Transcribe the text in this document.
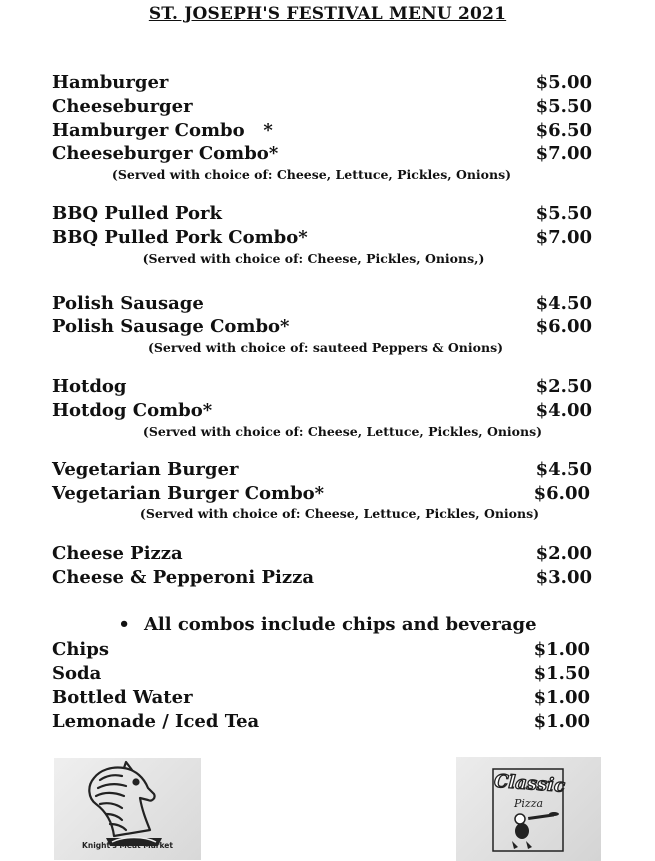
ST. JOSEPH'S FESTIVAL MENU 2021
Hamburger	$5.00
Cheeseburger	$5.50
Hamburger Combo   *	$6.50
Cheeseburger Combo*	$7.00
(Served with choice of: Cheese, Lettuce, Pickles, Onions)
BBQ Pulled Pork	$5.50
BBQ Pulled Pork Combo*	$7.00
(Served with choice of: Cheese, Pickles, Onions,)
Polish Sausage	$4.50
Polish Sausage Combo*	$6.00
(Served with choice of: sauteed Peppers & Onions)
Hotdog	$2.50
Hotdog Combo*	$4.00
(Served with choice of: Cheese, Lettuce, Pickles, Onions)
Vegetarian Burger	$4.50
Vegetarian Burger Combo*	$6.00
(Served with choice of: Cheese, Lettuce, Pickles, Onions)
Cheese Pizza	$2.00
Cheese & Pepperoni Pizza	$3.00
• All combos include chips and beverage
Chips	$1.00
Soda	$1.50
Bottled Water	$1.00
Lemonade / Iced Tea	$1.00
Knight's Meat Market
Classic
Pizza
